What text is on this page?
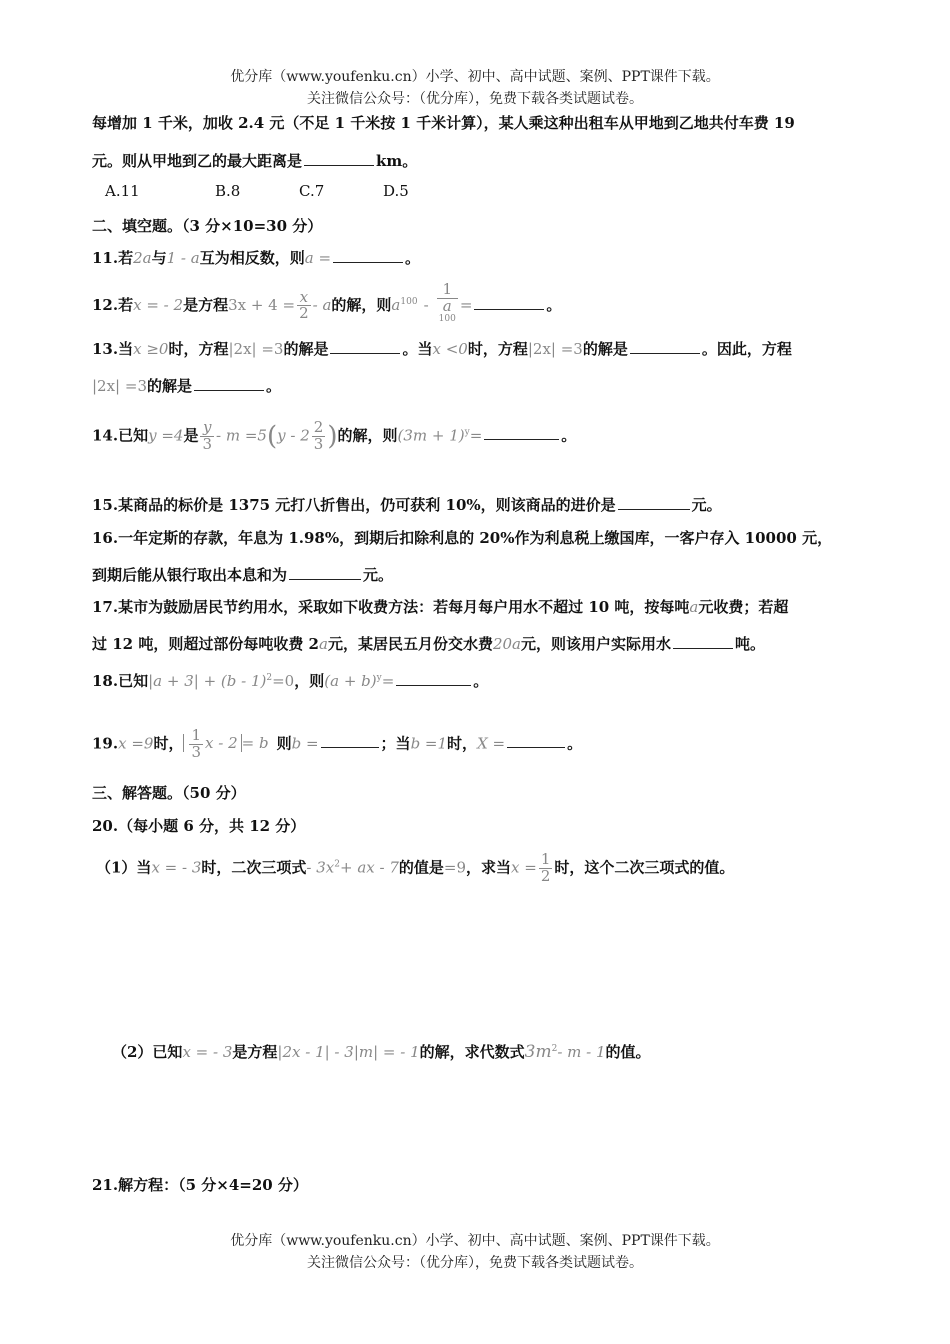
优分库（www.youfenku.cn）小学、初中、高中试题、案例、PPT课件下载。
关注微信公众号：（优分库），免费下载各类试题试卷。
每增加 1 千米，加收 2.4 元（不足 1 千米按 1 千米计算），某人乘这种出租车从甲地到乙地共付车费 19
元。则从甲地到乙的最大距离是	km。
A.11	B.8	C.7	D.5
二、填空题。（3 分×10=30 分）
11.若2a与1 - a互为相反数，则a =	。
12.若x = - 2是方程$3x + 4 = \frac{x}{2} - a$的解，则$a^{100} - 1$
a
$^{100}$ =	。
13.当x ≥0时，方程|2x| =3的解是	。当x <0时，方程|2x| =3的解是	。因此，方程
|2x| =3的解是	。
14.已知y =4是 $\frac{y}{3} - m =5(y - 2 \frac{2}{3}$ )的解，则$(3m + 1)^y=$	。
15.某商品的标价是 1375 元打八折售出，仍可获利 10%，则该商品的进价是	元。
16.一年定斯的存款，年息为 1.98%，到期后扣除利息的 20%作为利息税上缴国库，一客户存入 10000 元，
到期后能从银行取出本息和为	元。
17.某市为鼓励居民节约用水，采取如下收费方法：若每月每户用水不超过 10 吨，按每吨a元收费；若超
过 12 吨，则超过部份每吨收费 2a元，某居民五月份交水费20a元，则该用户实际用水	吨。
18.已知|a + 3| + (b - 1)$^2$=0，则$(a + b)^y=$	。
19.x =9时， $\frac{1}{3}$ x - 2 = b 则b =	；当b =1时，X =	。
三、解答题。（50 分）
20.（每小题 6 分，共 12 分）
（1）当x = - 3时，二次三项式- $3x^2+$ ax - 7的值是=9，求当$x = \frac{1}{2}$ 时，这个二次三项式的值。
（2）已知x = - 3是方程|2x - 1| - 3|m| = - 1的解，求代数式$3m^2-$ m - 1的值。
21.解方程：（5 分×4=20 分）
优分库（www.youfenku.cn）小学、初中、高中试题、案例、PPT课件下载。
关注微信公众号：（优分库），免费下载各类试题试卷。
